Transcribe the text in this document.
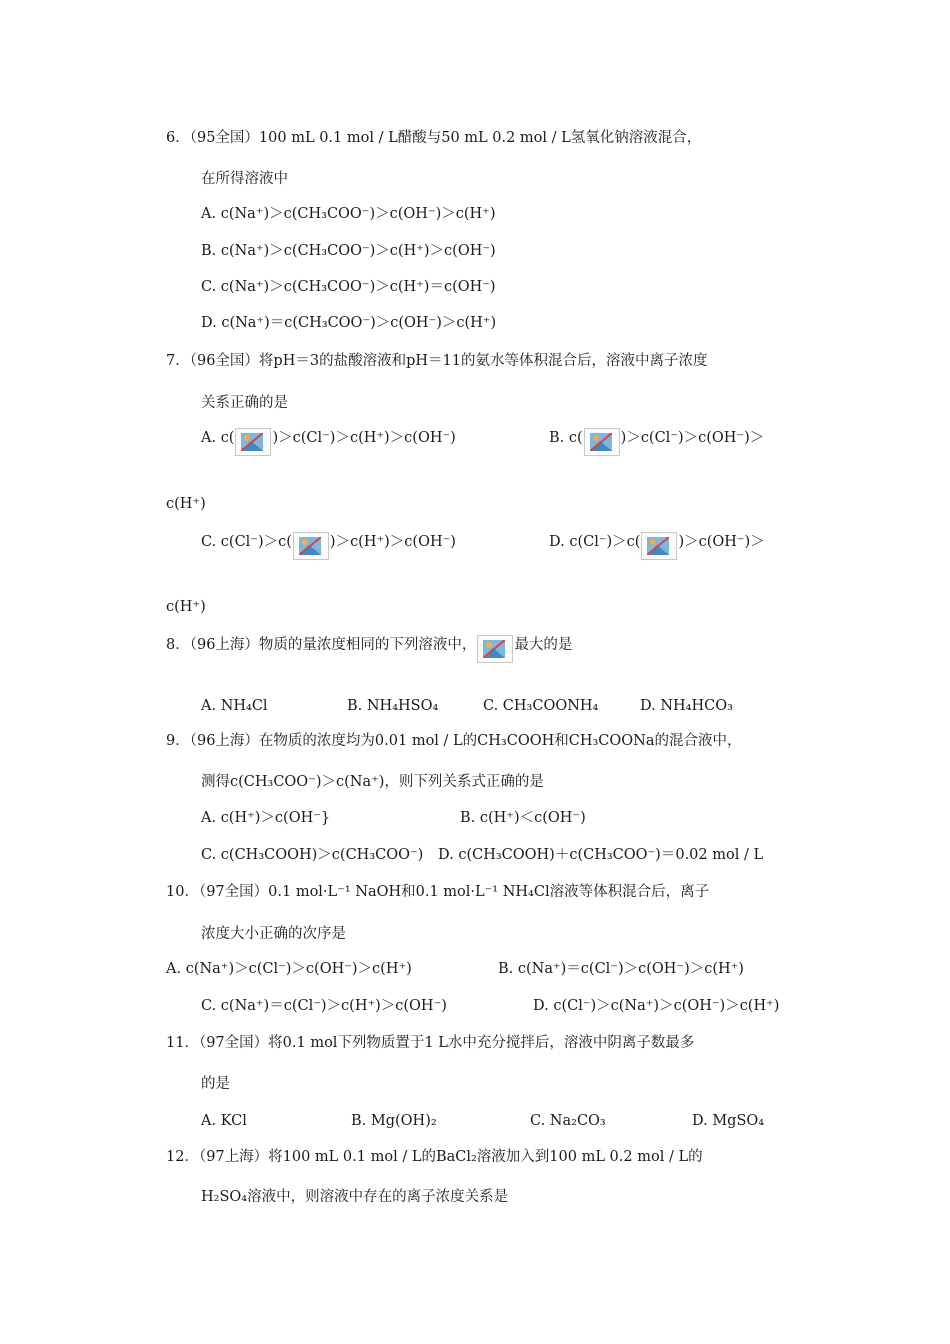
6．（95全国）100 mL 0.1 mol / L醋酸与50 mL 0.2 mol / L氢氧化钠溶液混合，
在所得溶液中
A. c(Na⁺)＞c(CH₃COO⁻)＞c(OH⁻)＞c(H⁺)
B. c(Na⁺)＞c(CH₃COO⁻)＞c(H⁺)＞c(OH⁻)
C. c(Na⁺)＞c(CH₃COO⁻)＞c(H⁺)＝c(OH⁻)
D. c(Na⁺)＝c(CH₃COO⁻)＞c(OH⁻)＞c(H⁺)
7．（96全国）将pH＝3的盐酸溶液和pH＝11的氨水等体积混合后，溶液中离子浓度
关系正确的是
A. c(	)＞c(Cl⁻)＞c(H⁺)＞c(OH⁻)	B. c(	)＞c(Cl⁻)＞c(OH⁻)＞
c(H⁺)
C. c(Cl⁻)＞c(	)＞c(H⁺)＞c(OH⁻)	D. c(Cl⁻)＞c(	)＞c(OH⁻)＞
c(H⁺)
8．（96上海）物质的量浓度相同的下列溶液中，	最大的是
A. NH₄Cl	B. NH₄HSO₄	C. CH₃COONH₄	D. NH₄HCO₃
9．（96上海）在物质的浓度均为0.01 mol / L的CH₃COOH和CH₃COONa的混合液中，
测得c(CH₃COO⁻)＞c(Na⁺)，则下列关系式正确的是
A. c(H⁺)＞c(OH⁻}	B. c(H⁺)＜c(OH⁻)
C. c(CH₃COOH)＞c(CH₃COO⁻) D. c(CH₃COOH)＋c(CH₃COO⁻)＝0.02 mol / L
10．（97全国）0.1 mol·L⁻¹ NaOH和0.1 mol·L⁻¹ NH₄Cl溶液等体积混合后，离子
浓度大小正确的次序是
A. c(Na⁺)＞c(Cl⁻)＞c(OH⁻)＞c(H⁺)	B. c(Na⁺)＝c(Cl⁻)＞c(OH⁻)＞c(H⁺)
C. c(Na⁺)＝c(Cl⁻)＞c(H⁺)＞c(OH⁻)	D. c(Cl⁻)＞c(Na⁺)＞c(OH⁻)＞c(H⁺)
11．（97全国）将0.1 mol下列物质置于1 L水中充分搅拌后，溶液中阴离子数最多
的是
A. KCl	B. Mg(OH)₂	C. Na₂CO₃	D. MgSO₄
12．（97上海）将100 mL 0.1 mol / L的BaCl₂溶液加入到100 mL 0.2 mol / L的
H₂SO₄溶液中，则溶液中存在的离子浓度关系是
